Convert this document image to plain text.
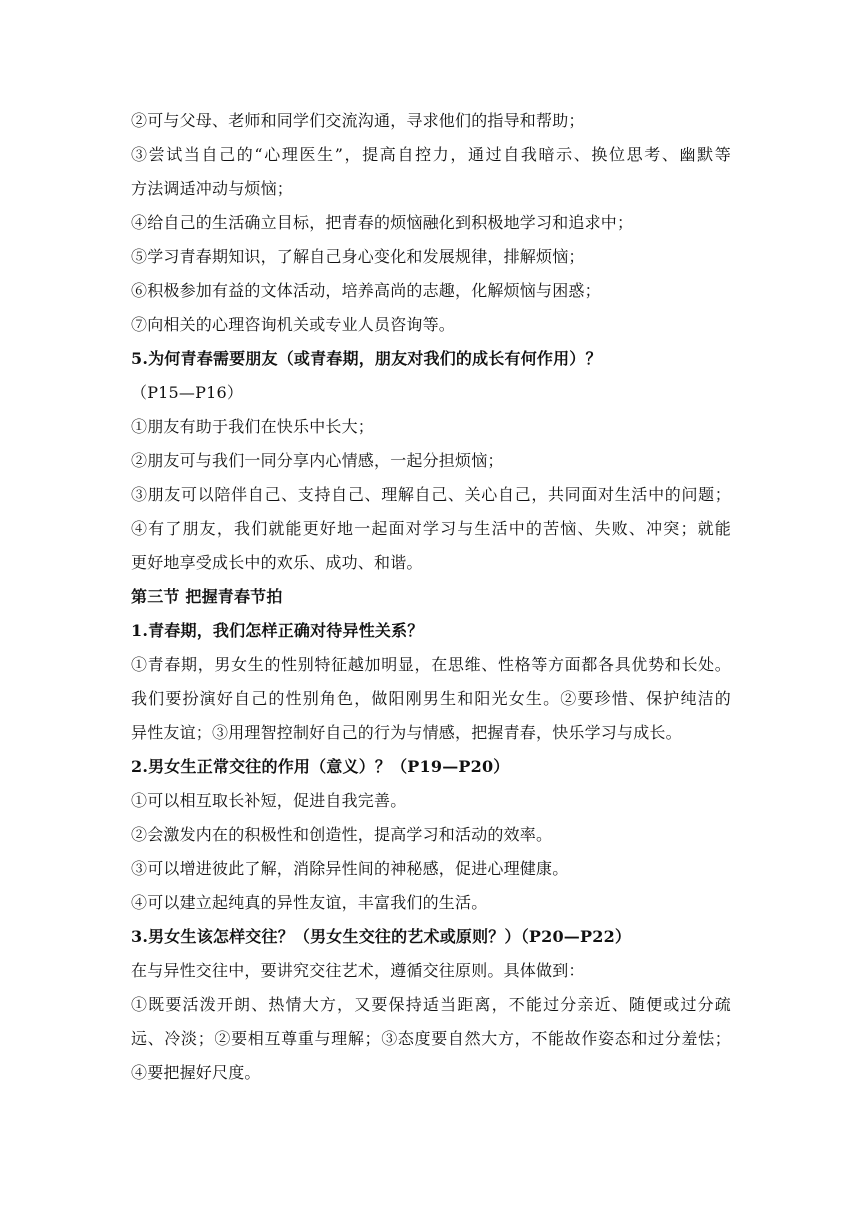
②可与父母、老师和同学们交流沟通，寻求他们的指导和帮助；
③尝试当自己的“心理医生”，提高自控力，通过自我暗示、换位思考、幽默等
方法调适冲动与烦恼；
④给自己的生活确立目标，把青春的烦恼融化到积极地学习和追求中；
⑤学习青春期知识，了解自己身心变化和发展规律，排解烦恼；
⑥积极参加有益的文体活动，培养高尚的志趣，化解烦恼与困惑；
⑦向相关的心理咨询机关或专业人员咨询等。
5.为何青春需要朋友（或青春期，朋友对我们的成长有何作用）？
（P15—P16）
①朋友有助于我们在快乐中长大；
②朋友可与我们一同分享内心情感，一起分担烦恼；
③朋友可以陪伴自己、支持自己、理解自己、关心自己，共同面对生活中的问题；
④有了朋友，我们就能更好地一起面对学习与生活中的苦恼、失败、冲突；就能
更好地享受成长中的欢乐、成功、和谐。
第三节 把握青春节拍
1.青春期，我们怎样正确对待异性关系？
①青春期，男女生的性别特征越加明显，在思维、性格等方面都各具优势和长处。
我们要扮演好自己的性别角色，做阳刚男生和阳光女生。②要珍惜、保护纯洁的
异性友谊；③用理智控制好自己的行为与情感，把握青春，快乐学习与成长。
2.男女生正常交往的作用（意义）？（P19—P20）
①可以相互取长补短，促进自我完善。
②会激发内在的积极性和创造性，提高学习和活动的效率。
③可以增进彼此了解，消除异性间的神秘感，促进心理健康。
④可以建立起纯真的异性友谊，丰富我们的生活。
3.男女生该怎样交往？（男女生交往的艺术或原则？）（P20—P22）
在与异性交往中，要讲究交往艺术，遵循交往原则。具体做到：
①既要活泼开朗、热情大方，又要保持适当距离，不能过分亲近、随便或过分疏
远、冷淡；②要相互尊重与理解；③态度要自然大方，不能故作姿态和过分羞怯；
④要把握好尺度。
